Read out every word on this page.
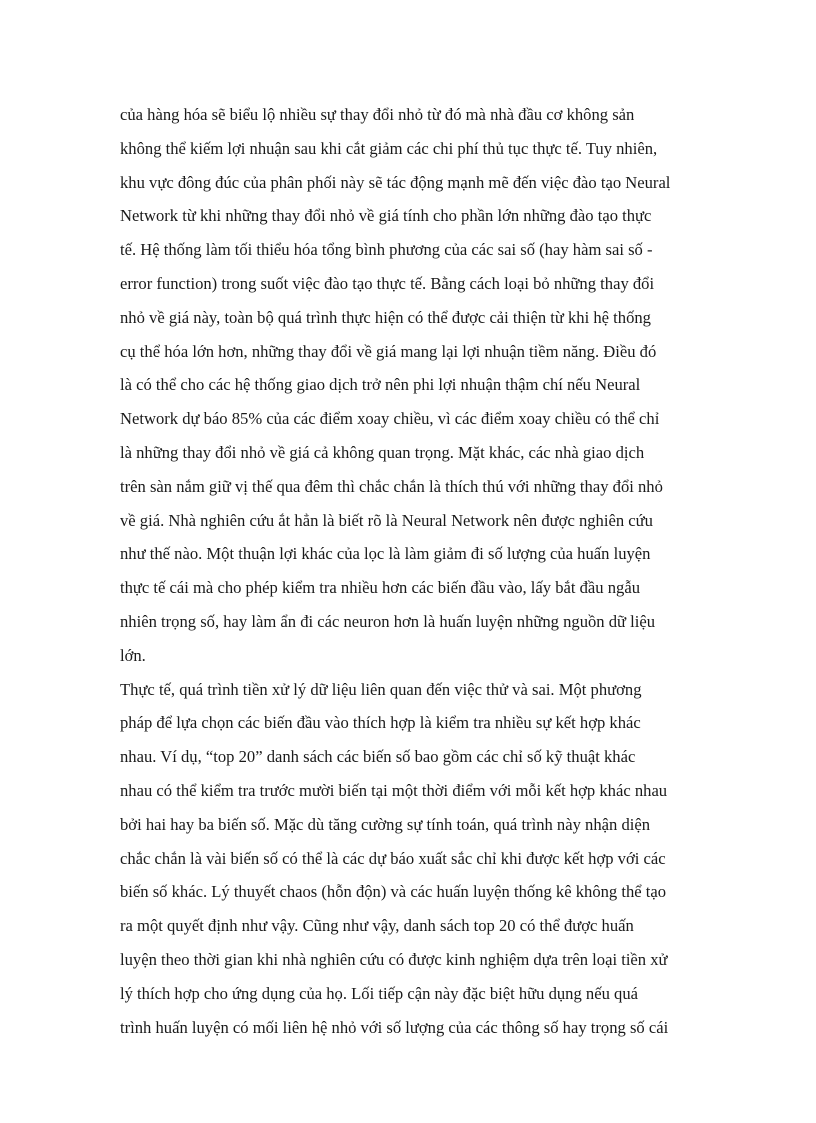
của hàng hóa sẽ biểu lộ nhiều sự thay đổi nhỏ từ đó mà nhà đầu cơ không sản
không thể kiếm lợi nhuận sau khi cắt giảm các chi phí thủ tục thực tế. Tuy nhiên,
khu vực đông đúc của phân phối này sẽ tác động mạnh mẽ đến việc đào tạo Neural
Network từ khi những thay đổi nhỏ về giá tính cho phần lớn những đào tạo thực
tế. Hệ thống làm tối thiểu hóa tổng bình phương của các sai số (hay hàm sai số -
error function) trong suốt việc đào tạo thực tế. Bằng cách loại bỏ những thay đổi
nhỏ về giá này, toàn bộ quá trình thực hiện có thể được cải thiện từ khi hệ thống
cụ thể hóa lớn hơn, những thay đổi về giá mang lại lợi nhuận tiềm năng. Điều đó
là có thể cho các hệ thống giao dịch trở nên phi lợi nhuận thậm chí nếu Neural
Network dự báo 85% của các điểm xoay chiều, vì các điểm xoay chiều có thể chỉ
là những thay đổi nhỏ về giá cả không quan trọng. Mặt khác, các nhà giao dịch
trên sàn nắm giữ vị thế qua đêm thì chắc chắn là thích thú với những thay đổi nhỏ
về giá. Nhà nghiên cứu ắt hẳn là biết rõ là Neural Network nên được nghiên cứu
như thế nào. Một thuận lợi khác của lọc là làm giảm đi số lượng của huấn luyện
thực tế cái mà cho phép kiểm tra nhiều hơn các biến đầu vào, lấy bắt đầu ngẫu
nhiên trọng số, hay làm ẩn đi các neuron hơn là huấn luyện những nguồn dữ liệu
lớn.
Thực tế, quá trình tiền xử lý dữ liệu liên quan đến việc thử và sai. Một phương
pháp để lựa chọn các biến đầu vào thích hợp là kiểm tra nhiều sự kết hợp khác
nhau. Ví dụ, “top 20” danh sách các biến số bao gồm các chỉ số kỹ thuật khác
nhau có thể kiểm tra trước mười biến tại một thời điểm với mỗi kết hợp khác nhau
bởi hai hay ba biến số. Mặc dù tăng cường sự tính toán, quá trình này nhận diện
chắc chắn là vài biến số có thể là các dự báo xuất sắc chỉ khi được kết hợp với các
biến số khác. Lý thuyết chaos (hỗn độn) và các huấn luyện thống kê không thể tạo
ra một quyết định như vậy. Cũng như vậy, danh sách top 20 có thể được huấn
luyện theo thời gian khi nhà nghiên cứu có được kinh nghiệm dựa trên loại tiền xử
lý thích hợp cho ứng dụng của họ. Lối tiếp cận này đặc biệt hữu dụng nếu quá
trình huấn luyện có mối liên hệ nhỏ với số lượng của các thông số hay trọng số cái
